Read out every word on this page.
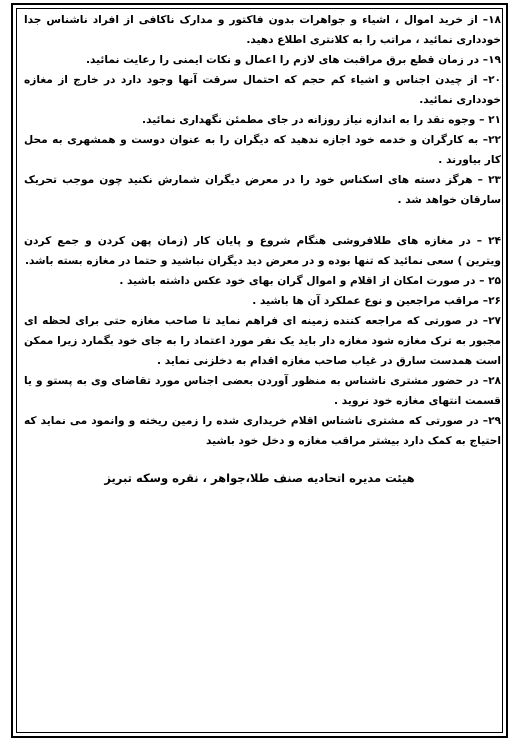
۱۸– از خرید اموال ، اشیاء و جواهرات بدون فاکتور و مدارک ناکافی از افراد ناشناس جدا خودداری نمائید ، مراتب را به کلانتری اطلاع دهید.

۱۹– در زمان قطع برق مراقبت های لازم را اعمال و نکات ایمنی را رعایت نمائید.

۲۰– از چیدن اجناس و اشیاء کم حجم که احتمال سرقت آنها وجود دارد در خارج از مغازه خودداری نمائید.

۲۱ – وجوه نقد را به اندازه نیاز روزانه در جای مطمئن نگهداری نمائید.

۲۲– به کارگران و خدمه خود اجازه ندهید که دیگران را به عنوان دوست و همشهری به محل کار بیاورند .

۲۳ – هرگز دسته های اسکناس خود را در معرض دیگران شمارش نکنید چون موجب تحریک سارقان خواهد شد .

۲۴ – در مغازه های طلافروشی هنگام شروع و پایان کار (زمان پهن کردن و جمع کردن ویترین ) سعی نمائید که تنها بوده و در معرض دید دیگران نباشید و حتما در مغازه بسته باشد.

۲۵ – در صورت امکان از اقلام و اموال گران بهای خود عکس داشته باشید .

۲۶– مراقب مراجعین و نوع عملکرد آن ها باشید .

۲۷– در صورتی که مراجعه کننده زمینه ای فراهم نماید تا صاحب مغازه حتی برای لحظه ای مجبور به ترک مغازه شود مغازه دار باید یک نفر مورد اعتماد را به جای خود بگمارد زیرا ممکن است همدست سارق در غیاب صاحب مغازه اقدام به دخلزنی نماید .

۲۸– در حضور مشتری ناشناس به منظور آوردن بعضی اجناس مورد تقاضای وی به پستو و یا قسمت انتهای مغازه خود نروید .

۲۹– در صورتی که مشتری ناشناس اقلام خریداری شده را زمین ریخته و وانمود می نماید که احتیاج به کمک دارد بیشتر مراقب مغازه و دخل خود باشید

هیئت مدیره اتحادیه صنف طلا،جواهر ، نقره وسکه تبریز
